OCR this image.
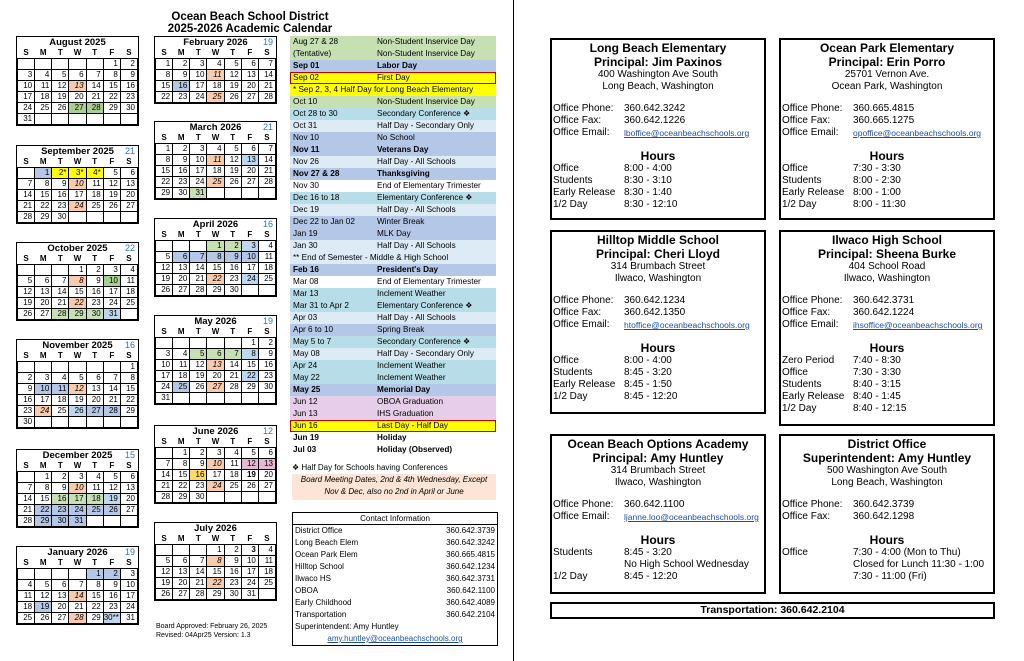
Ocean Beach School District
2025-2026 Academic Calendar
August 2025
S	M	T	W	T	F	S
					1	2
3	4	5	6	7	8	9
10	11	12	13	14	15	16
17	18	19	20	21	22	23
24	25	26	27	28	29	30
31						
September 2025 21
S	M	T	W	T	F	S
	1	2*	3*	4*	5	6
7	8	9	10	11	12	13
14	15	16	17	18	19	20
21	22	23	24	25	26	27
28	29	30				
October 2025 22
S	M	T	W	T	F	S
			1	2	3	4
5	6	7	8	9	10	11
12	13	14	15	16	17	18
19	20	21	22	23	24	25
26	27	28	29	30	31	
November 2025 16
S	M	T	W	T	F	S
						1
2	3	4	5	6	7	8
9	10	11	12	13	14	15
16	17	18	19	20	21	22
23	24	25	26	27	28	29
30						
December 2025 15
S	M	T	W	T	F	S
	1	2	3	4	5	6
7	8	9	10	11	12	13
14	15	16	17	18	19	20
21	22	23	24	25	26	27
28	29	30	31			
January 2026 19
S	M	T	W	T	F	S
				1	2	3
4	5	6	7	8	9	10
11	12	13	14	15	16	17
18	19	20	21	22	23	24
25	26	27	28	29	30**	31
February 2026 19
S	M	T	W	T	F	S
1	2	3	4	5	6	7
8	9	10	11	12	13	14
15	16	17	18	19	20	21
22	23	24	25	26	27	28
March 2026 21
S	M	T	W	T	F	S
1	2	3	4	5	6	7
8	9	10	11	12	13	14
15	16	17	18	19	20	21
22	23	24	25	26	27	28
29	30	31				
April 2026	16
S	M	T	W	T	F	S
			1	2	3	4
5	6	7	8	9	10	11
12	13	14	15	16	17	18
19	20	21	22	23	24	25
26	27	28	29	30		
May 2026	19
S	M	T	W	T	F	S
					1	2
3	4	5	6	7	8	9
10	11	12	13	14	15	16
17	18	19	20	21	22	23
24	25	26	27	28	29	30
31						
June 2026	12
S	M	T	W	T	F	S
	1	2	3	4	5	6
7	8	9	10	11	12	13
14	15	16	17	18	19	20
21	22	23	24	25	26	27
28	29	30				
July 2026
S	M	T	W	T	F	S
			1	2	3	4
5	6	7	8	9	10	11
12	13	14	15	16	17	18
19	20	21	22	23	24	25
26	27	28	29	30	31	
Aug 27 & 28	Non-Student Inservice Day
(Tentative)	Non-Student Inservice Day
Sep 01	Labor Day
Sep 02	First Day
* Sep 2, 3, 4 Half Day for Long Beach Elementary
Oct 10	Non-Student Inservice Day
Oct 28 to 30	Secondary Conference ❖
Oct 31	Half Day - Secondary Only
Nov 10	No School
Nov 11	Veterans Day
Nov 26	Half Day - All Schools
Nov 27 & 28	Thanksgiving
Nov 30	End of Elementary Trimester
Dec 16 to 18	Elementary Conference ❖
Dec 19	Half Day - All Schools
Dec 22 to Jan 02	Winter Break
Jan 19	MLK Day
Jan 30	Half Day - All Schools
** End of Semester - Middle & High School
Feb 16	President's Day
Mar 08	End of Elementary Trimester
Mar 13	Inclement Weather
Mar 31 to Apr 2	Elementary Conference ❖
Apr 03	Half Day - All Schools
Apr 6 to 10	Spring Break
May 5 to 7	Secondary Conference ❖
May 08	Half Day - Secondary Only
Apr 24	Inclement Weather
May 22	Inclement Weather
May 25	Memorial Day
Jun 12	OBOA Graduation
Jun 13	IHS Graduation
Jun 16	Last Day - Half Day
Jun 19	Holiday
Jul 03	Holiday (Observed)
❖ Half Day for Schools having Conferences
Board Meeting Dates, 2nd & 4th Wednesday, Except
Nov & Dec, also no 2nd in April or June
Contact Information
District Office	360.642.3739
Long Beach Elem	360.642.3242
Ocean Park Elem	360.665.4815
Hilltop School	360.642.1234
Ilwaco HS	360.642.3731
OBOA	360.642.1100
Early Childhood	360.642.4089
Transportation	360.642.2104
Superintendent: Amy Huntley
amy.huntley@oceanbeachschools.org
Board Approved: February 26, 2025
Revised: 04Apr25 Version: 1.3
Long Beach Elementary
Principal: Jim Paxinos
400 Washington Ave South
Long Beach, Washington
Office Phone: 360.642.3242
Office Fax: 360.642.1226
Office Email: lboffice@oceanbeachschools.org
Hours
Office	8:00 - 4:00
Students	8:30 - 3:10
Early Release 8:30 - 1:40
1/2 Day	8:30 - 12:10
Ocean Park Elementary
Principal: Erin Porro
25701 Vernon Ave.
Ocean Park, Washington
Office Phone: 360.665.4815
Office Fax: 360.665.1275
Office Email: opoffice@oceanbeachschools.org
Hours
Office	7:30 - 3:30
Students	8:00 - 2:30
Early Release 8:00 - 1:00
1/2 Day	8:00 - 11:30
Hilltop Middle School
Principal: Cheri Lloyd
314 Brumbach Street
Ilwaco, Washington
Office Phone: 360.642.1234
Office Fax: 360.642.1350
Office Email: htoffice@oceanbeachschools.org
Hours
Office	8:00 - 4:00
Students	8:45 - 3:20
Early Release 8:45 - 1:50
1/2 Day	8:45 - 12:20
Ilwaco High School
Principal: Sheena Burke
404 School Road
Ilwaco, Washington
Office Phone: 360.642.3731
Office Fax: 360.642.1224
Office Email: ihsoffice@oceanbeachschools.org
Hours
Zero Period 7:40 - 8:30
Office	7:30 - 3:30
Students	8:40 - 3:15
Early Release 8:40 - 1:45
1/2 Day	8:40 - 12:15
Ocean Beach Options Academy
Principal: Amy Huntley
314 Brumbach Street
Ilwaco, Washington
Office Phone: 360.642.1100
Office Email: ljanne.loo@oceanbeachschools.org
Hours
Students	8:45 - 3:20
No High School Wednesday
1/2 Day	8:45 - 12:20
District Office
Superintendent: Amy Huntley
500 Washington Ave South
Long Beach, Washington
Office Phone: 360.642.3739
Office Fax: 360.642.1298
Hours
Office	7:30 - 4:00 (Mon to Thu)
Closed for Lunch 11:30 - 1:00
7:30 - 11:00 (Fri)
Transportation: 360.642.2104
